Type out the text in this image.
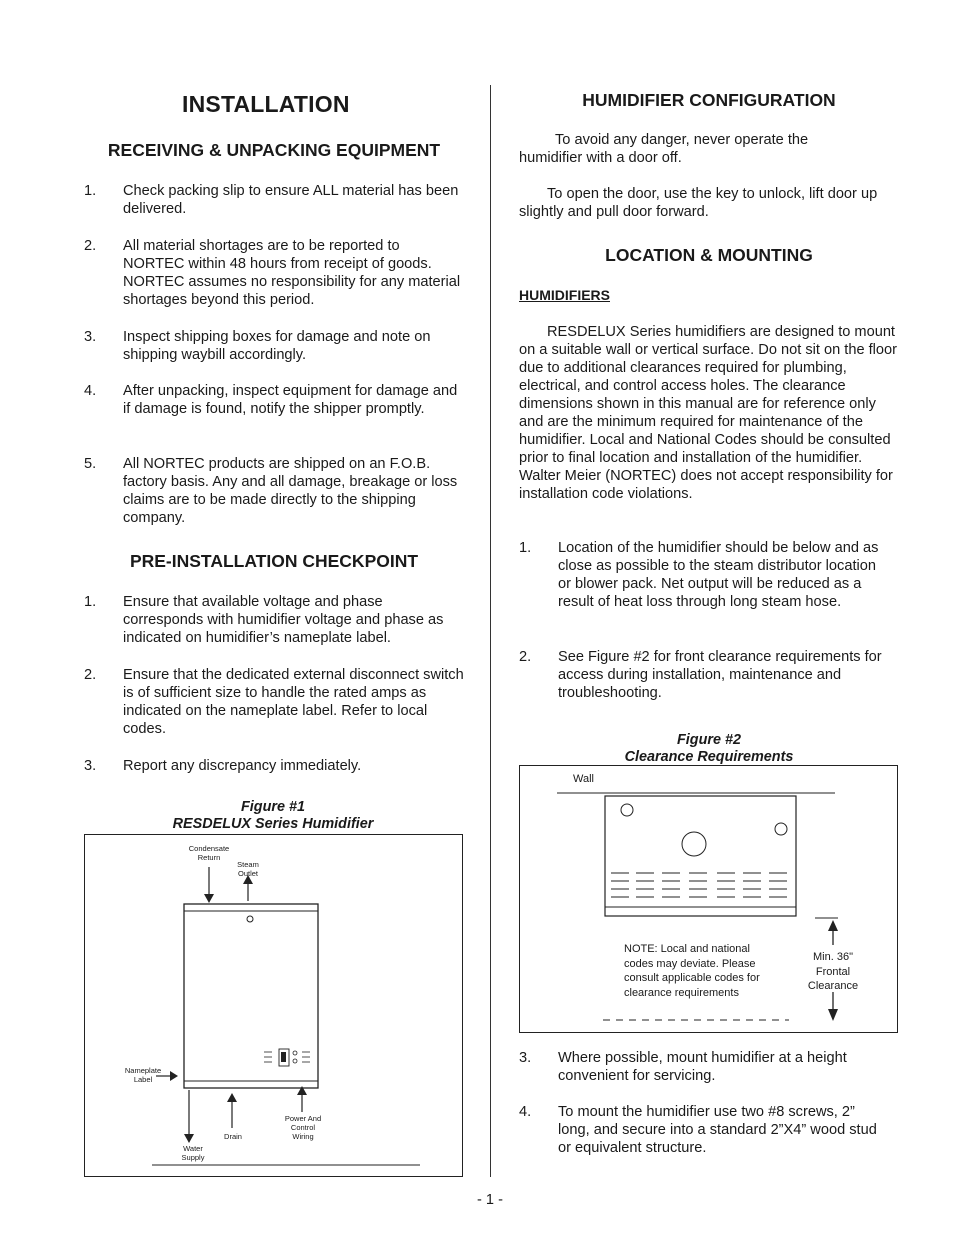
INSTALLATION
RECEIVING & UNPACKING EQUIPMENT
1. Check packing slip to ensure ALL material has been delivered.
2. All material shortages are to be reported to NORTEC within 48 hours from receipt of goods. NORTEC assumes no responsibility for any material shortages beyond this period.
3. Inspect shipping boxes for damage and note on shipping waybill accordingly.
4. After unpacking, inspect equipment for damage and if damage is found, notify the shipper promptly.
5. All NORTEC products are shipped on an F.O.B. factory basis. Any and all damage, breakage or loss claims are to be made directly to the shipping company.
PRE-INSTALLATION CHECKPOINT
1. Ensure that available voltage and phase corresponds with humidifier voltage and phase as indicated on humidifier’s nameplate label.
2. Ensure that the dedicated external disconnect switch is of sufficient size to handle the rated amps as indicated on the nameplate label. Refer to local codes.
3. Report any discrepancy immediately.
Figure #1
RESDELUX Series Humidifier
Condensate Return
Steam Outlet
Nameplate Label
Water Supply
Drain
Power And Control Wiring
HUMIDIFIER CONFIGURATION
To avoid any danger, never operate the humidifier with a door off.
To open the door, use the key to unlock, lift door up slightly and pull door forward.
LOCATION & MOUNTING
HUMIDIFIERS
RESDELUX Series humidifiers are designed to mount on a suitable wall or vertical surface. Do not sit on the floor due to additional clearances required for plumbing, electrical, and control access holes. The clearance dimensions shown in this manual are for reference only and are the minimum required for maintenance of the humidifier. Local and National Codes should be consulted prior to final location and installation of the humidifier. Walter Meier (NORTEC) does not accept responsibility for installation code violations.
1. Location of the humidifier should be below and as close as possible to the steam distributor location or blower pack. Net output will be reduced as a result of heat loss through long steam hose.
2. See Figure #2 for front clearance requirements for access during installation, maintenance and troubleshooting.
Figure #2
Clearance Requirements
Wall
NOTE: Local and national codes may deviate. Please consult applicable codes for clearance requirements
Min. 36" Frontal Clearance
3. Where possible, mount humidifier at a height convenient for servicing.
4. To mount the humidifier use two #8 screws, 2” long, and secure into a standard 2”X4” wood stud or equivalent structure.
- 1 -
